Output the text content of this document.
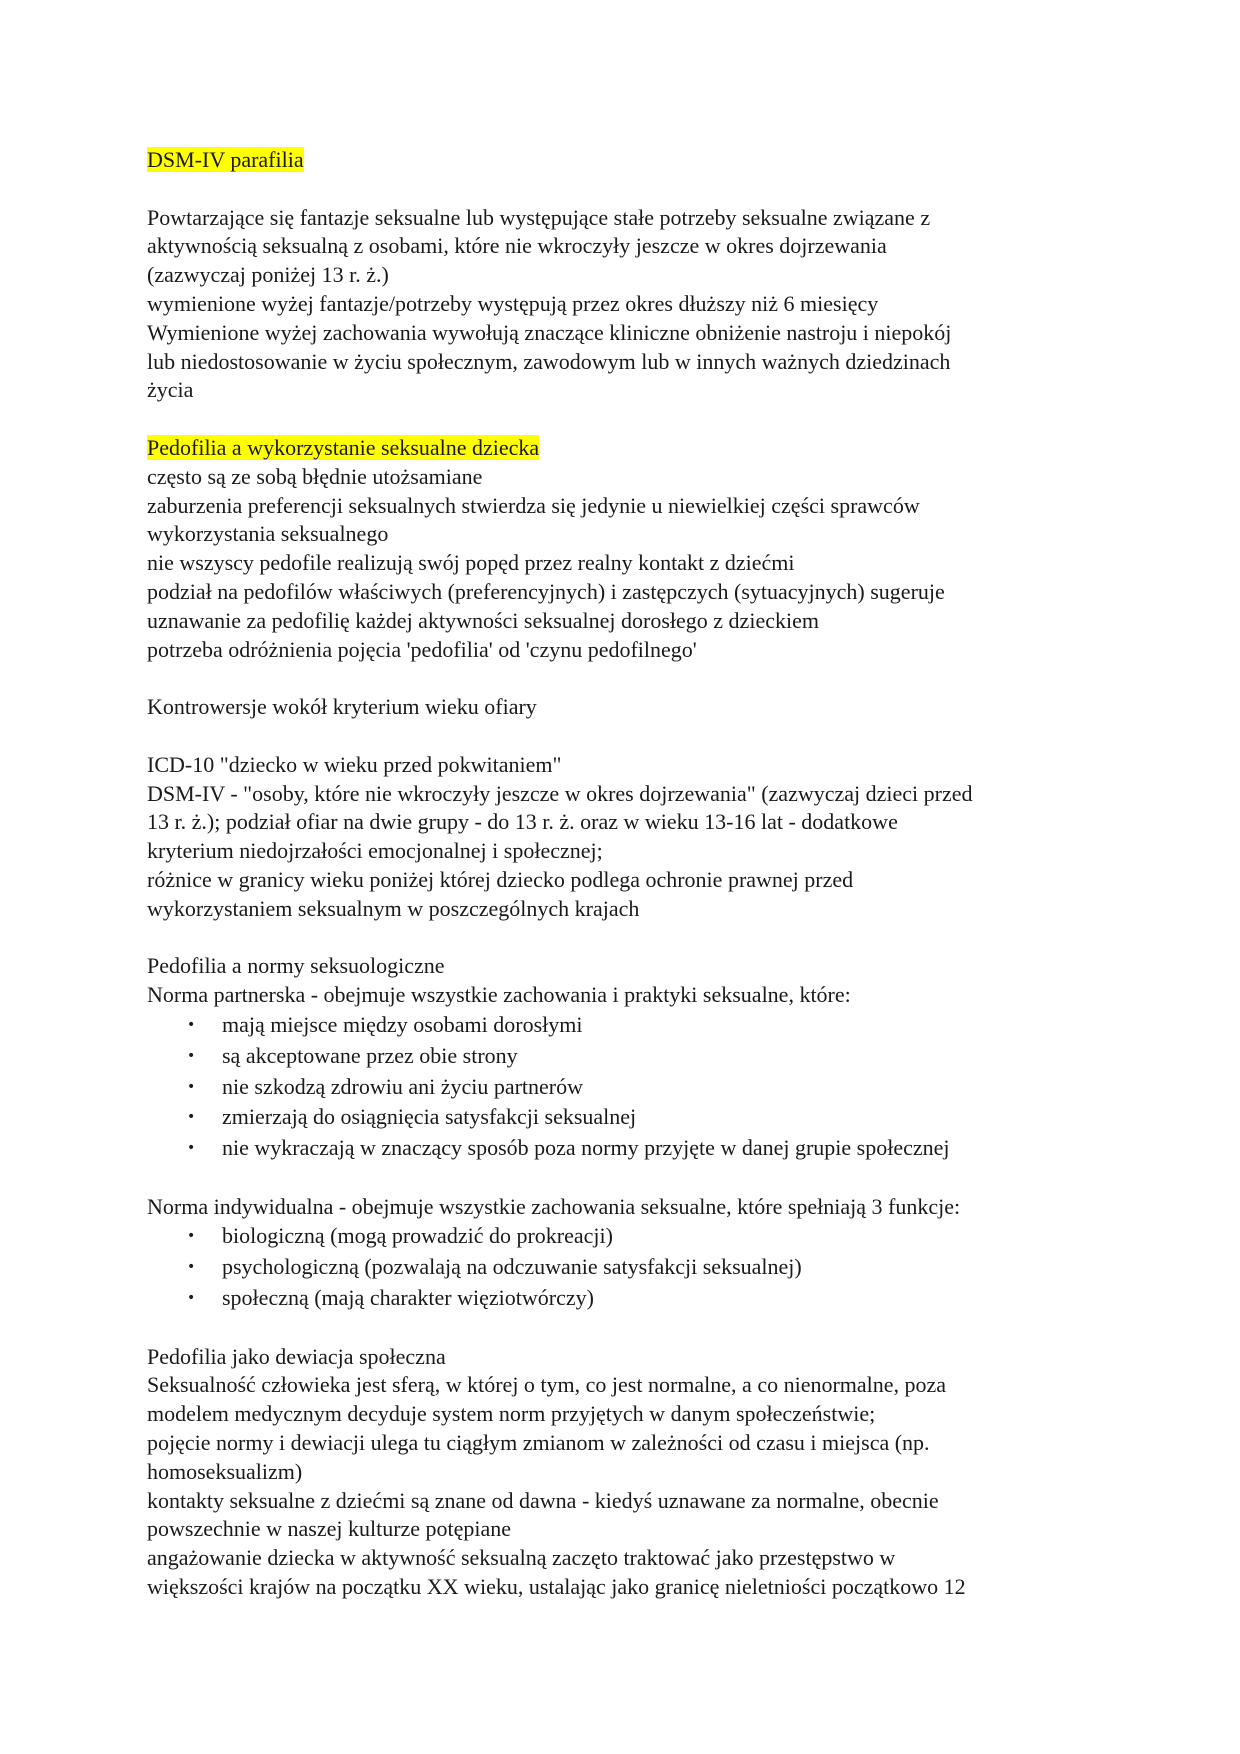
DSM-IV parafilia
Powtarzające się fantazje seksualne lub występujące stałe potrzeby seksualne związane z
aktywnością seksualną z osobami, które nie wkroczyły jeszcze w okres dojrzewania
(zazwyczaj poniżej 13 r. ż.)
wymienione wyżej fantazje/potrzeby występują przez okres dłuższy niż 6 miesięcy
Wymienione wyżej zachowania wywołują znaczące kliniczne obniżenie nastroju i niepokój
lub niedostosowanie w życiu społecznym, zawodowym lub w innych ważnych dziedzinach
życia
Pedofilia a wykorzystanie seksualne dziecka
często są ze sobą błędnie utożsamiane
zaburzenia preferencji seksualnych stwierdza się jedynie u niewielkiej części sprawców
wykorzystania seksualnego
nie wszyscy pedofile realizują swój popęd przez realny kontakt z dziećmi
podział na pedofilów właściwych (preferencyjnych) i zastępczych (sytuacyjnych) sugeruje
uznawanie za pedofilię każdej aktywności seksualnej dorosłego z dzieckiem
potrzeba odróżnienia pojęcia 'pedofilia' od 'czynu pedofilnego'
Kontrowersje wokół kryterium wieku ofiary
ICD-10 "dziecko w wieku przed pokwitaniem"
DSM-IV - "osoby, które nie wkroczyły jeszcze w okres dojrzewania" (zazwyczaj dzieci przed
13 r. ż.); podział ofiar na dwie grupy - do 13 r. ż. oraz w wieku 13-16 lat - dodatkowe
kryterium niedojrzałości emocjonalnej i społecznej;
różnice w granicy wieku poniżej której dziecko podlega ochronie prawnej przed
wykorzystaniem seksualnym w poszczególnych krajach
Pedofilia a normy seksuologiczne
Norma partnerska - obejmuje wszystkie zachowania i praktyki seksualne, które:
• mają miejsce między osobami dorosłymi
• są akceptowane przez obie strony
• nie szkodzą zdrowiu ani życiu partnerów
• zmierzają do osiągnięcia satysfakcji seksualnej
• nie wykraczają w znaczący sposób poza normy przyjęte w danej grupie społecznej
Norma indywidualna - obejmuje wszystkie zachowania seksualne, które spełniają 3 funkcje:
• biologiczną (mogą prowadzić do prokreacji)
• psychologiczną (pozwalają na odczuwanie satysfakcji seksualnej)
• społeczną (mają charakter więziotwórczy)
Pedofilia jako dewiacja społeczna
Seksualność człowieka jest sferą, w której o tym, co jest normalne, a co nienormalne, poza
modelem medycznym decyduje system norm przyjętych w danym społeczeństwie;
pojęcie normy i dewiacji ulega tu ciągłym zmianom w zależności od czasu i miejsca (np.
homoseksualizm)
kontakty seksualne z dziećmi są znane od dawna - kiedyś uznawane za normalne, obecnie
powszechnie w naszej kulturze potępiane
angażowanie dziecka w aktywność seksualną zaczęto traktować jako przestępstwo w
większości krajów na początku XX wieku, ustalając jako granicę nieletniości początkowo 12
